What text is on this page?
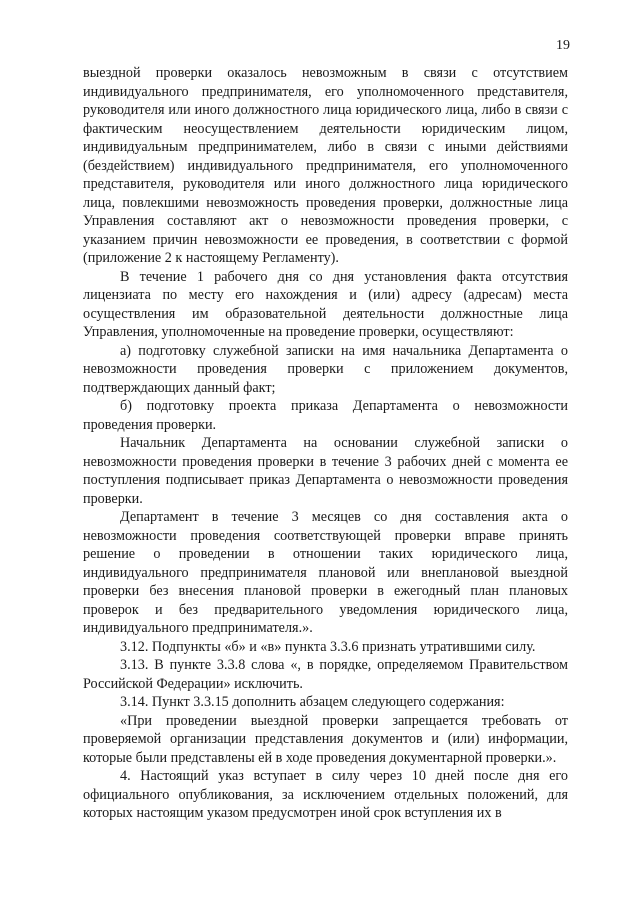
19

выездной проверки оказалось невозможным в связи с отсутствием индивидуального предпринимателя, его уполномоченного представителя, руководителя или иного должностного лица юридического лица, либо в связи с фактическим неосуществлением деятельности юридическим лицом, индивидуальным предпринимателем, либо в связи с иными действиями (бездействием) индивидуального предпринимателя, его уполномоченного представителя, руководителя или иного должностного лица юридического лица, повлекшими невозможность проведения проверки, должностные лица Управления составляют акт о невозможности проведения проверки, с указанием причин невозможности ее проведения, в соответствии с формой (приложение 2 к настоящему Регламенту).

В течение 1 рабочего дня со дня установления факта отсутствия лицензиата по месту его нахождения и (или) адресу (адресам) места осуществления им образовательной деятельности должностные лица Управления, уполномоченные на проведение проверки, осуществляют:

а) подготовку служебной записки на имя начальника Департамента о невозможности проведения проверки с приложением документов, подтверждающих данный факт;

б) подготовку проекта приказа Департамента о невозможности проведения проверки.

Начальник Департамента на основании служебной записки о невозможности проведения проверки в течение 3 рабочих дней с момента ее поступления подписывает приказ Департамента о невозможности проведения проверки.

Департамент в течение 3 месяцев со дня составления акта о невозможности проведения соответствующей проверки вправе принять решение о проведении в отношении таких юридического лица, индивидуального предпринимателя плановой или внеплановой выездной проверки без внесения плановой проверки в ежегодный план плановых проверок и без предварительного уведомления юридического лица, индивидуального предпринимателя.».

3.12. Подпункты «б» и «в» пункта 3.3.6 признать утратившими силу.

3.13. В пункте 3.3.8 слова «, в порядке, определяемом Правительством Российской Федерации» исключить.

3.14. Пункт 3.3.15 дополнить абзацем следующего содержания:

«При проведении выездной проверки запрещается требовать от проверяемой организации представления документов и (или) информации, которые были представлены ей в ходе проведения документарной проверки.».

4. Настоящий указ вступает в силу через 10 дней после дня его официального опубликования, за исключением отдельных положений, для которых настоящим указом предусмотрен иной срок вступления их в
